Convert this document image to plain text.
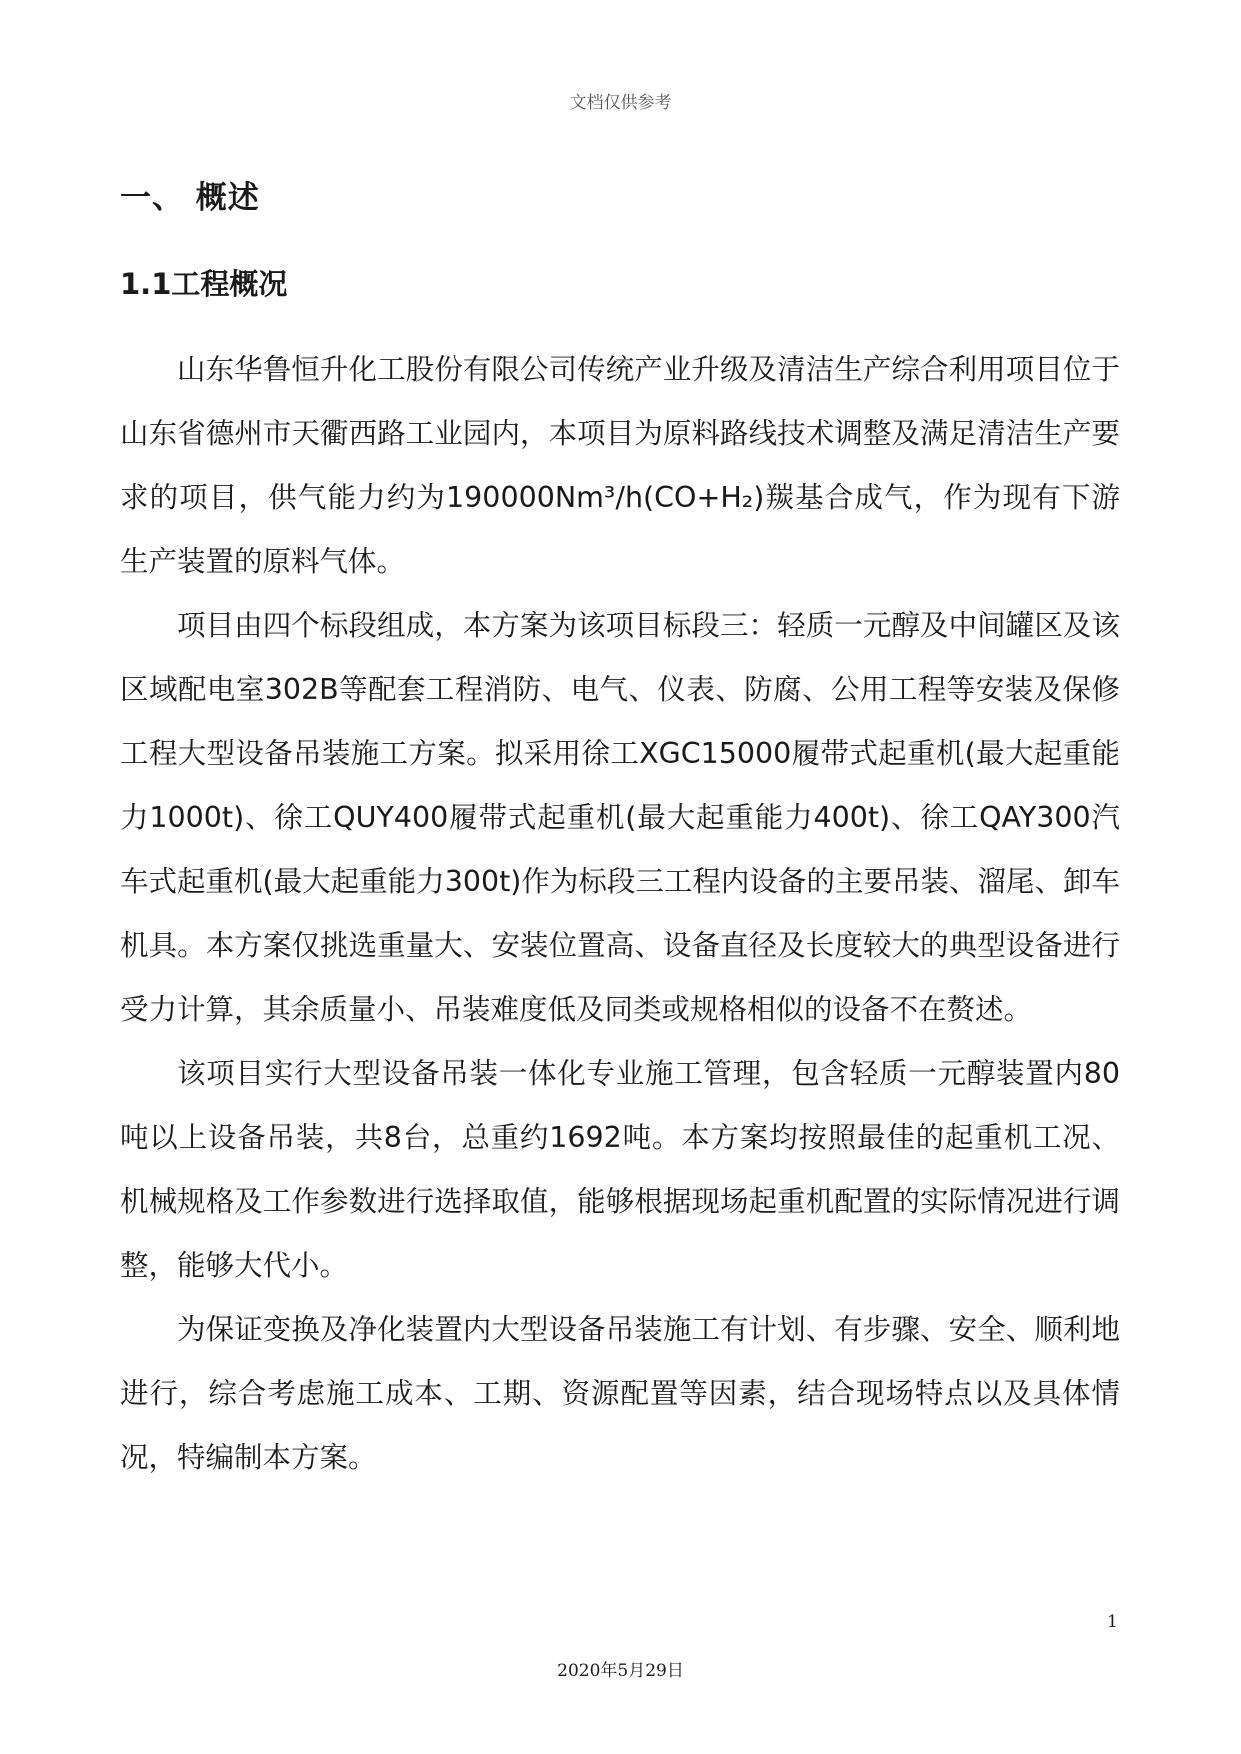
文档仅供参考
一、 概述
1.1工程概况

山东华鲁恒升化工股份有限公司传统产业升级及清洁生产综合利用项目位于山东省德州市天衢西路工业园内，本项目为原料路线技术调整及满足清洁生产要求的项目，供气能力约为190000Nm³/h(CO+H₂)羰基合成气，作为现有下游生产装置的原料气体。

项目由四个标段组成，本方案为该项目标段三：轻质一元醇及中间罐区及该区域配电室302B等配套工程消防、电气、仪表、防腐、公用工程等安装及保修工程大型设备吊装施工方案。拟采用徐工XGC15000履带式起重机(最大起重能力1000t)、徐工QUY400履带式起重机(最大起重能力400t)、徐工QAY300汽车式起重机(最大起重能力300t)作为标段三工程内设备的主要吊装、溜尾、卸车机具。本方案仅挑选重量大、安装位置高、设备直径及长度较大的典型设备进行受力计算，其余质量小、吊装难度低及同类或规格相似的设备不在赘述。

该项目实行大型设备吊装一体化专业施工管理，包含轻质一元醇装置内80吨以上设备吊装，共8台，总重约1692吨。本方案均按照最佳的起重机工况、机械规格及工作参数进行选择取值，能够根据现场起重机配置的实际情况进行调整，能够大代小。

为保证变换及净化装置内大型设备吊装施工有计划、有步骤、安全、顺利地进行，综合考虑施工成本、工期、资源配置等因素，结合现场特点以及具体情况，特编制本方案。

1
2020年5月29日
